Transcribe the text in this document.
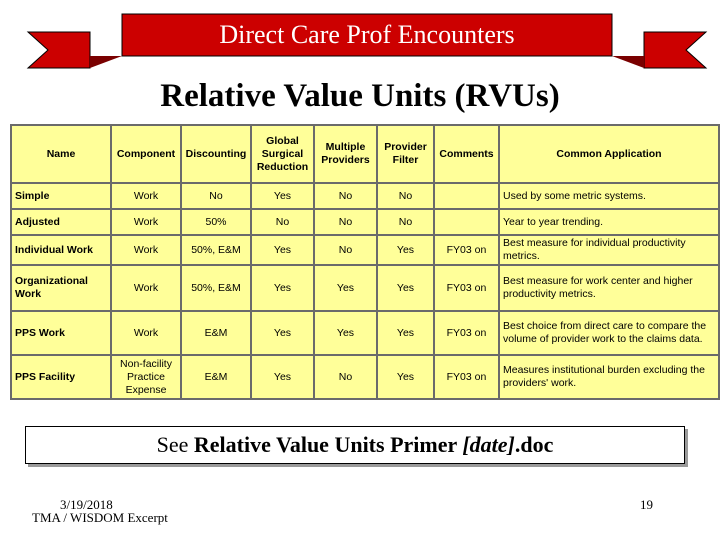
Direct Care Prof Encounters
Relative Value Units (RVUs)
Name	Component	Discounting	Global Surgical Reduction	Multiple Providers	Provider Filter	Comments	Common Application
Simple	Work	No	Yes	No	No		Used by some metric systems.
Adjusted	Work	50%	No	No	No		Year to year trending.
Individual Work	Work	50%, E&M	Yes	No	Yes	FY03 on	Best measure for individual productivity metrics.
Organizational Work	Work	50%, E&M	Yes	Yes	Yes	FY03 on	Best measure for work center and higher productivity metrics.
PPS Work	Work	E&M	Yes	Yes	Yes	FY03 on	Best choice from direct care to compare the volume of provider work to the claims data.
PPS Facility	Non-facility Practice Expense	E&M	Yes	No	Yes	FY03 on	Measures institutional burden excluding the providers' work.
See Relative Value Units Primer [date].doc
3/19/2018
TMA / WISDOM Excerpt
19
